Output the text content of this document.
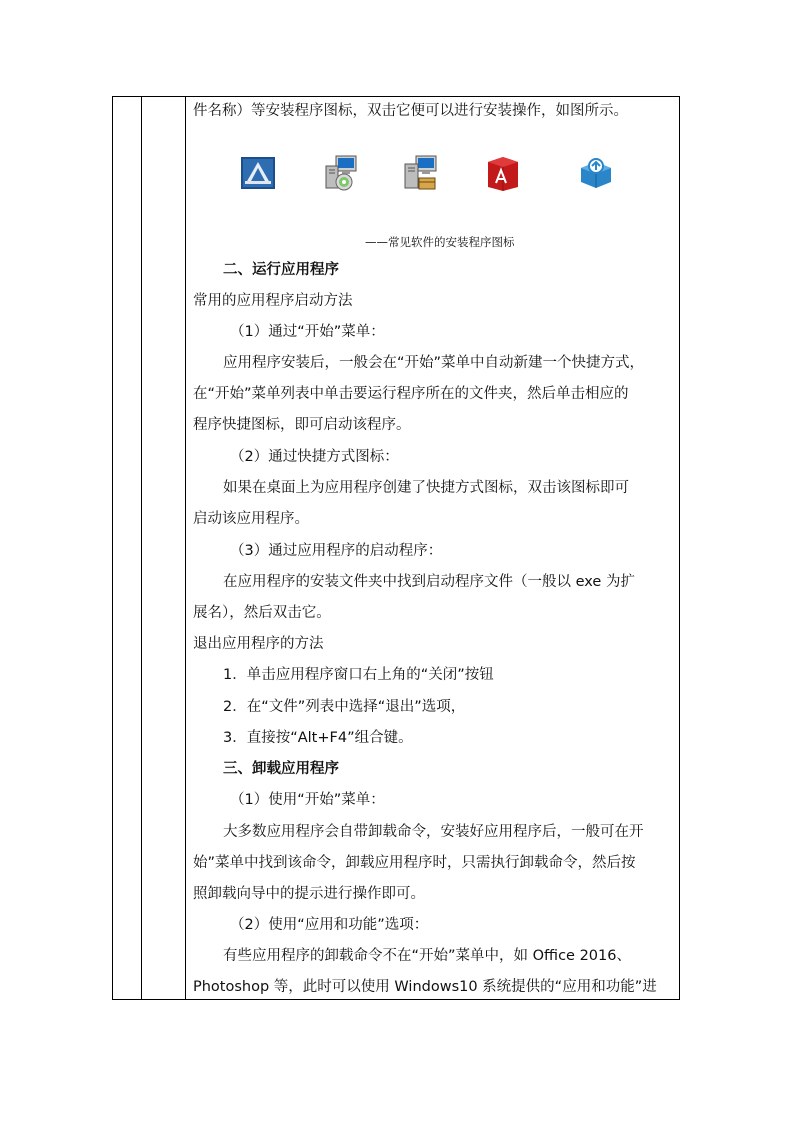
件名称）等安装程序图标，双击它便可以进行安装操作，如图所示。
——常见软件的安装程序图标
二、运行应用程序
常用的应用程序启动方法
（1）通过“开始”菜单：
应用程序安装后，一般会在“开始”菜单中自动新建一个快捷方式，
在“开始”菜单列表中单击要运行程序所在的文件夹，然后单击相应的
程序快捷图标，即可启动该程序。
（2）通过快捷方式图标：
如果在桌面上为应用程序创建了快捷方式图标，双击该图标即可
启动该应用程序。
（3）通过应用程序的启动程序：
在应用程序的安装文件夹中找到启动程序文件（一般以 exe 为扩
展名），然后双击它。
退出应用程序的方法
1．单击应用程序窗口右上角的“关闭”按钮
2．在“文件”列表中选择“退出”选项，
3．直接按“Alt+F4”组合键。
三、卸载应用程序
（1）使用“开始”菜单：
大多数应用程序会自带卸载命令，安装好应用程序后，一般可在开
始”菜单中找到该命令，卸载应用程序时，只需执行卸载命令，然后按
照卸载向导中的提示进行操作即可。
（2）使用“应用和功能”选项：
有些应用程序的卸载命令不在“开始”菜单中，如 Office 2016、
Photoshop 等，此时可以使用 Windows10 系统提供的“应用和功能”进
